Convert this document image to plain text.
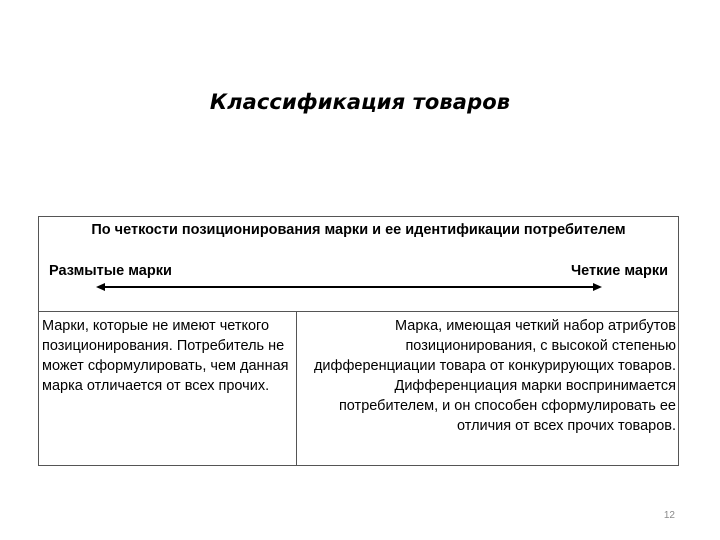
Классификация товаров
По четкости позиционирования марки и ее идентификации потребителем
Размытые марки	Четкие марки
Марки, которые не имеют четкого позиционирования. Потребитель не может сформулировать, чем данная марка отличается от всех прочих.
Марка, имеющая четкий набор атрибутов позиционирования, с высокой степенью дифференциации товара от конкурирующих товаров. Дифференциация марки воспринимается потребителем, и он способен сформулировать ее отличия от всех прочих товаров.
12
